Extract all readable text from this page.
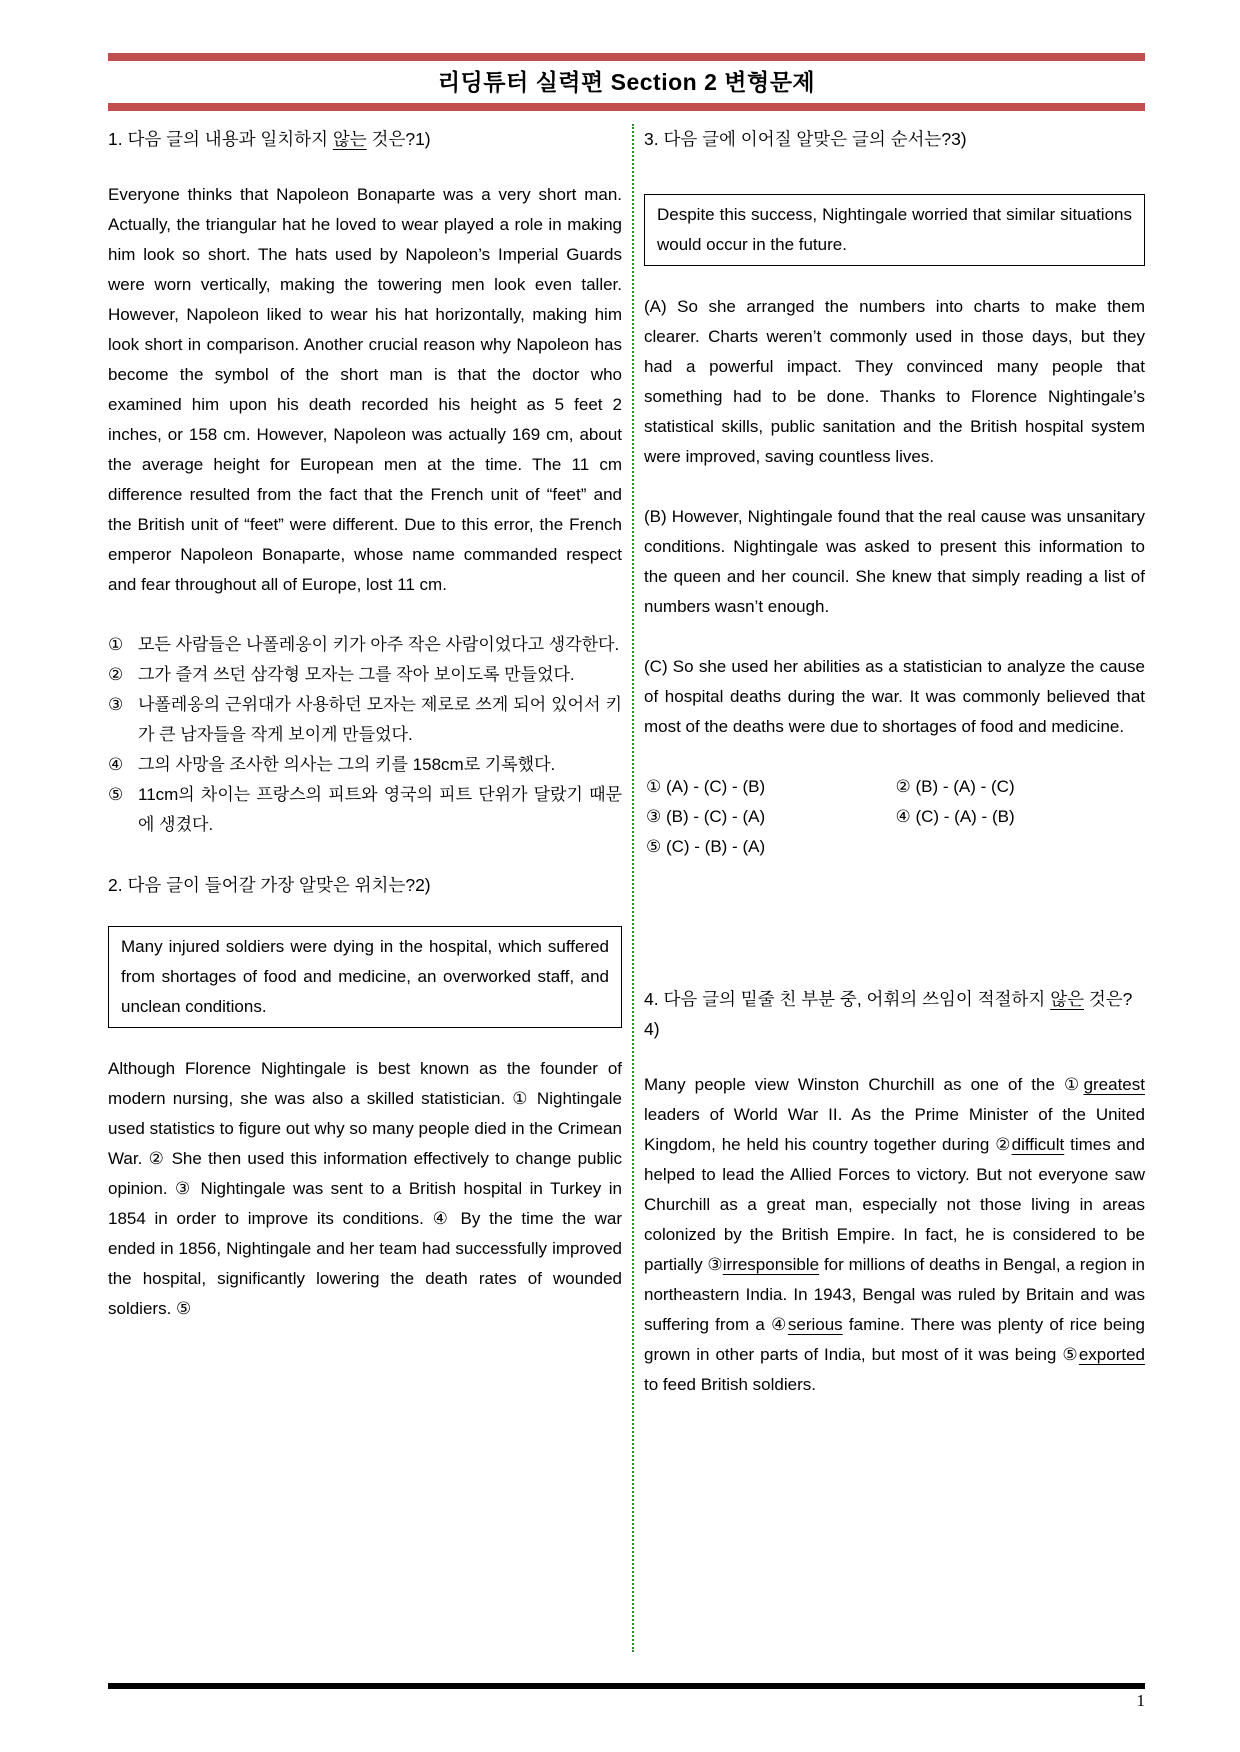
리딩튜터 실력편 Section 2 변형문제
1. 다음 글의 내용과 일치하지 않는 것은?1)

Everyone thinks that Napoleon Bonaparte was a very short man. Actually, the triangular hat he loved to wear played a role in making him look so short. The hats used by Napoleon’s Imperial Guards were worn vertically, making the towering men look even taller. However, Napoleon liked to wear his hat horizontally, making him look short in comparison. Another crucial reason why Napoleon has become the symbol of the short man is that the doctor who examined him upon his death recorded his height as 5 feet 2 inches, or 158 cm. However, Napoleon was actually 169 cm, about the average height for European men at the time. The 11 cm difference resulted from the fact that the French unit of “feet” and the British unit of “feet” were different. Due to this error, the French emperor Napoleon Bonaparte, whose name commanded respect and fear throughout all of Europe, lost 11 cm.

① 모든 사람들은 나폴레옹이 키가 아주 작은 사람이었다고 생각한다.
② 그가 즐겨 쓰던 삼각형 모자는 그를 작아 보이도록 만들었다.
③ 나폴레옹의 근위대가 사용하던 모자는 제로로 쓰게 되어 있어서 키가 큰 남자들을 작게 보이게 만들었다.
④ 그의 사망을 조사한 의사는 그의 키를 158cm로 기록했다.
⑤ 11cm의 차이는 프랑스의 피트와 영국의 피트 단위가 달랐기 때문에 생겼다.
2. 다음 글이 들어갈 가장 알맞은 위치는?2)

Many injured soldiers were dying in the hospital, which suffered from shortages of food and medicine, an overworked staff, and unclean conditions.

Although Florence Nightingale is best known as the founder of modern nursing, she was also a skilled statistician. ① Nightingale used statistics to figure out why so many people died in the Crimean War. ② She then used this information effectively to change public opinion. ③ Nightingale was sent to a British hospital in Turkey in 1854 in order to improve its conditions. ④ By the time the war ended in 1856, Nightingale and her team had successfully improved the hospital, significantly lowering the death rates of wounded soldiers. ⑤

3. 다음 글에 이어질 알맞은 글의 순서는?3)

Despite this success, Nightingale worried that similar situations would occur in the future.

(A) So she arranged the numbers into charts to make them clearer. Charts weren’t commonly used in those days, but they had a powerful impact. They convinced many people that something had to be done. Thanks to Florence Nightingale’s statistical skills, public sanitation and the British hospital system were improved, saving countless lives.

(B) However, Nightingale found that the real cause was unsanitary conditions. Nightingale was asked to present this information to the queen and her council. She knew that simply reading a list of numbers wasn’t enough.

(C) So she used her abilities as a statistician to analyze the cause of hospital deaths during the war. It was commonly believed that most of the deaths were due to shortages of food and medicine.

① (A) - (C) - (B)	② (B) - (A) - (C)
③ (B) - (C) - (A)	④ (C) - (A) - (B)
⑤ (C) - (B) - (A)
4. 다음 글의 밑줄 친 부분 중, 어휘의 쓰임이 적절하지 않은 것은?4)

Many people view Winston Churchill as one of the ①greatest leaders of World War II. As the Prime Minister of the United Kingdom, he held his country together during ②difficult times and helped to lead the Allied Forces to victory. But not everyone saw Churchill as a great man, especially not those living in areas colonized by the British Empire. In fact, he is considered to be partially ③irresponsible for millions of deaths in Bengal, a region in northeastern India. In 1943, Bengal was ruled by Britain and was suffering from a ④serious famine. There was plenty of rice being grown in other parts of India, but most of it was being ⑤exported to feed British soldiers.

1
